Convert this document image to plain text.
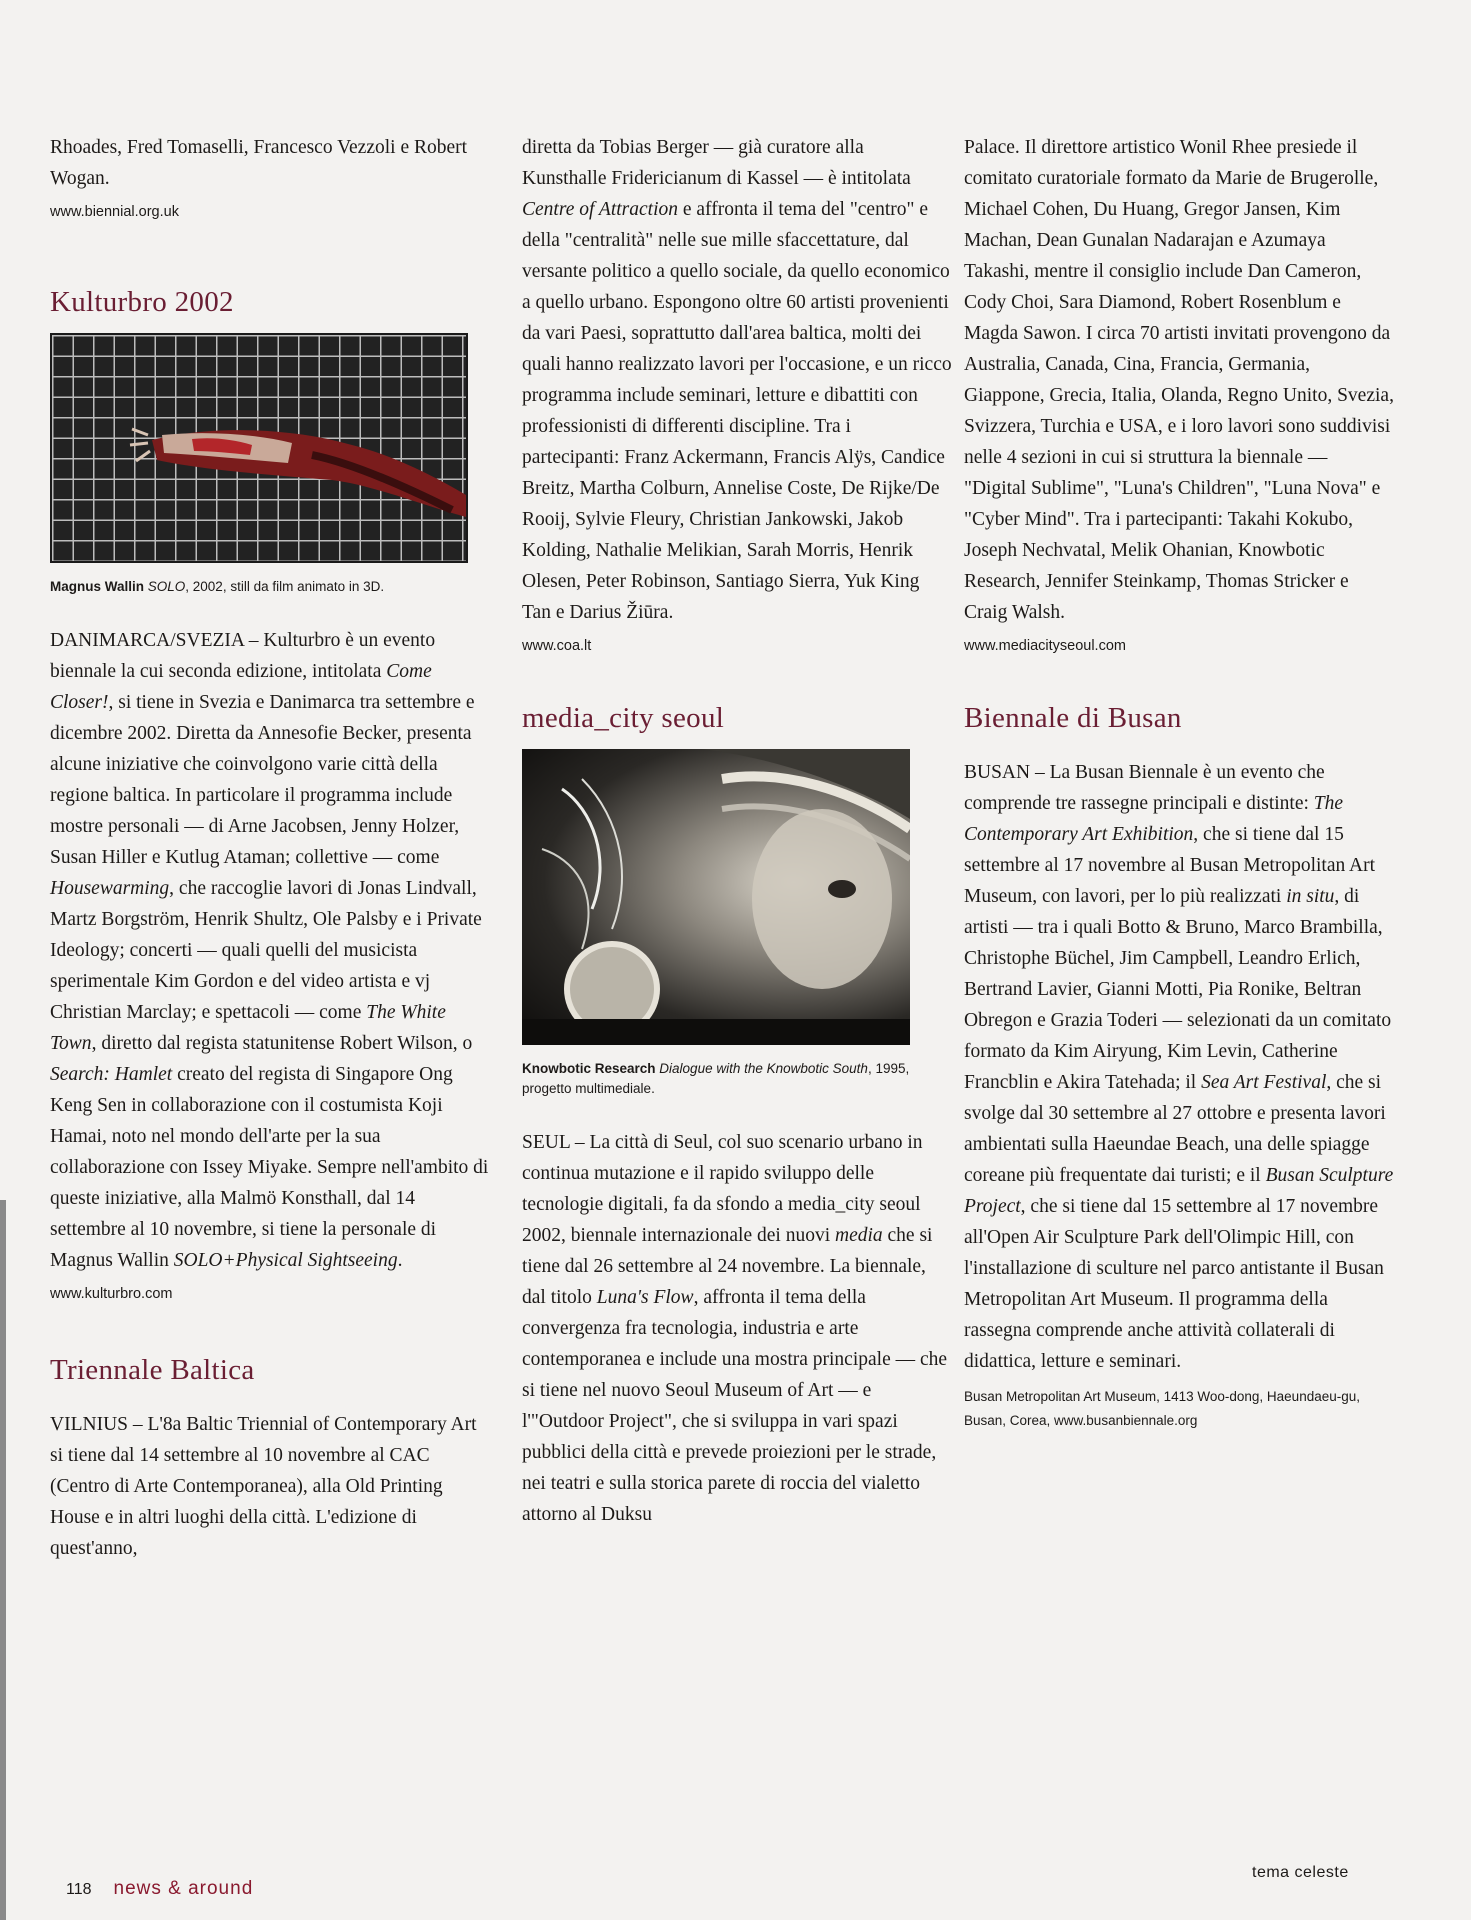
Rhoades, Fred Tomaselli, Francesco Vezzoli e Robert Wogan.

www.biennial.org.uk

Kulturbro 2002

Magnus Wallin SOLO, 2002, still da film animato in 3D.

DANIMARCA/SVEZIA – Kulturbro è un evento biennale la cui seconda edizione, intitolata Come Closer!, si tiene in Svezia e Danimarca tra settembre e dicembre 2002. Diretta da Annesofie Becker, presenta alcune iniziative che coinvolgono varie città della regione baltica. In particolare il programma include mostre personali — di Arne Jacobsen, Jenny Holzer, Susan Hiller e Kutlug Ataman; collettive — come Housewarming, che raccoglie lavori di Jonas Lindvall, Martz Borgström, Henrik Shultz, Ole Palsby e i Private Ideology; concerti — quali quelli del musicista sperimentale Kim Gordon e del video artista e vj Christian Marclay; e spettacoli — come The White Town, diretto dal regista statunitense Robert Wilson, o Search: Hamlet creato del regista di Singapore Ong Keng Sen in collaborazione con il costumista Koji Hamai, noto nel mondo dell'arte per la sua collaborazione con Issey Miyake. Sempre nell'ambito di queste iniziative, alla Malmö Konsthall, dal 14 settembre al 10 novembre, si tiene la personale di Magnus Wallin SOLO+Physical Sightseeing.

www.kulturbro.com

Triennale Baltica

VILNIUS – L'8a Baltic Triennial of Contemporary Art si tiene dal 14 settembre al 10 novembre al CAC (Centro di Arte Contemporanea), alla Old Printing House e in altri luoghi della città. L'edizione di quest'anno,

diretta da Tobias Berger — già curatore alla Kunsthalle Fridericianum di Kassel — è intitolata Centre of Attraction e affronta il tema del "centro" e della "centralità" nelle sue mille sfaccettature, dal versante politico a quello sociale, da quello economico a quello urbano. Espongono oltre 60 artisti provenienti da vari Paesi, soprattutto dall'area baltica, molti dei quali hanno realizzato lavori per l'occasione, e un ricco programma include seminari, letture e dibattiti con professionisti di differenti discipline. Tra i partecipanti: Franz Ackermann, Francis Alÿs, Candice Breitz, Martha Colburn, Annelise Coste, De Rijke/De Rooij, Sylvie Fleury, Christian Jankowski, Jakob Kolding, Nathalie Melikian, Sarah Morris, Henrik Olesen, Peter Robinson, Santiago Sierra, Yuk King Tan e Darius Žiūra.

www.coa.lt

media_city seoul

Knowbotic Research Dialogue with the Knowbotic South, 1995, progetto multimediale.

SEUL – La città di Seul, col suo scenario urbano in continua mutazione e il rapido sviluppo delle tecnologie digitali, fa da sfondo a media_city seoul 2002, biennale internazionale dei nuovi media che si tiene dal 26 settembre al 24 novembre. La biennale, dal titolo Luna's Flow, affronta il tema della convergenza fra tecnologia, industria e arte contemporanea e include una mostra principale — che si tiene nel nuovo Seoul Museum of Art — e l'"Outdoor Project", che si sviluppa in vari spazi pubblici della città e prevede proiezioni per le strade, nei teatri e sulla storica parete di roccia del vialetto attorno al Duksu

Palace. Il direttore artistico Wonil Rhee presiede il comitato curatoriale formato da Marie de Brugerolle, Michael Cohen, Du Huang, Gregor Jansen, Kim Machan, Dean Gunalan Nadarajan e Azumaya Takashi, mentre il consiglio include Dan Cameron, Cody Choi, Sara Diamond, Robert Rosenblum e Magda Sawon. I circa 70 artisti invitati provengono da Australia, Canada, Cina, Francia, Germania, Giappone, Grecia, Italia, Olanda, Regno Unito, Svezia, Svizzera, Turchia e USA, e i loro lavori sono suddivisi nelle 4 sezioni in cui si struttura la biennale — "Digital Sublime", "Luna's Children", "Luna Nova" e "Cyber Mind". Tra i partecipanti: Takahi Kokubo, Joseph Nechvatal, Melik Ohanian, Knowbotic Research, Jennifer Steinkamp, Thomas Stricker e Craig Walsh.

www.mediacityseoul.com

Biennale di Busan

BUSAN – La Busan Biennale è un evento che comprende tre rassegne principali e distinte: The Contemporary Art Exhibition, che si tiene dal 15 settembre al 17 novembre al Busan Metropolitan Art Museum, con lavori, per lo più realizzati in situ, di artisti — tra i quali Botto & Bruno, Marco Brambilla, Christophe Büchel, Jim Campbell, Leandro Erlich, Bertrand Lavier, Gianni Motti, Pia Ronike, Beltran Obregon e Grazia Toderi — selezionati da un comitato formato da Kim Airyung, Kim Levin, Catherine Francblin e Akira Tatehada; il Sea Art Festival, che si svolge dal 30 settembre al 27 ottobre e presenta lavori ambientati sulla Haeundae Beach, una delle spiagge coreane più frequentate dai turisti; e il Busan Sculpture Project, che si tiene dal 15 settembre al 17 novembre all'Open Air Sculpture Park dell'Olimpic Hill, con l'installazione di sculture nel parco antistante il Busan Metropolitan Art Museum. Il programma della rassegna comprende anche attività collaterali di didattica, letture e seminari.

Busan Metropolitan Art Museum, 1413 Woo-dong, Haeundaeu-gu, Busan, Corea, www.busanbiennale.org

118 news & around
tema celeste
